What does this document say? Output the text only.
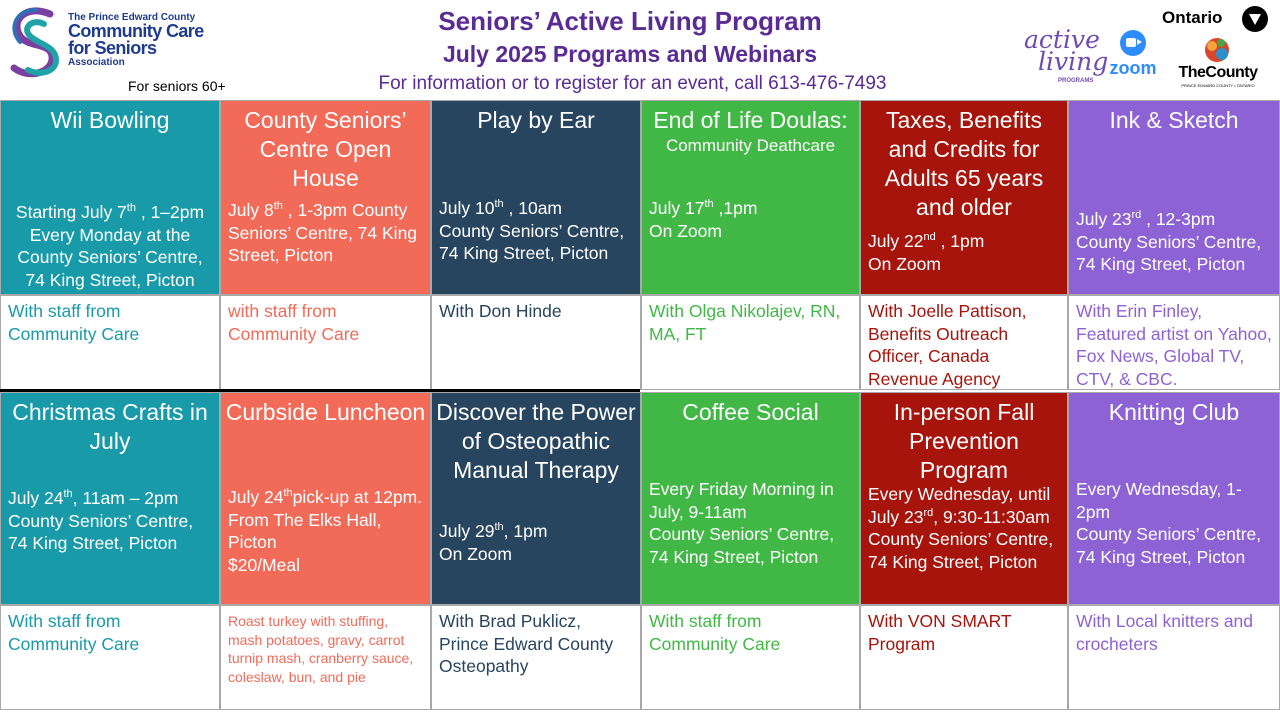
The Prince Edward County
Community Care
for Seniors
Association
For seniors 60+
Seniors’ Active Living Program
July 2025 Programs and Webinars
For information or to register for an event, call 613-476-7493
active
living
PROGRAMS
zoom
Ontario
TheCounty
PRINCE EDWARD COUNTY • ONTARIO
Wii Bowling
Starting July 7th , 1–2pm
Every Monday at the
County Seniors’ Centre,
74 King Street, Picton
County Seniors’ Centre Open House
July 8th , 1-3pm County Seniors’ Centre, 74 King Street, Picton
Play by Ear
July 10th , 10am
County Seniors’ Centre, 74 King Street, Picton
End of Life Doulas:
Community Deathcare
July 17th ,1pm
On Zoom
Taxes, Benefits and Credits for Adults 65 years and older
July 22nd , 1pm
On Zoom
Ink & Sketch
July 23rd , 12-3pm
County Seniors’ Centre, 74 King Street, Picton
With staff from Community Care
with staff from Community Care
With Don Hinde	With Olga Nikolajev, RN, MA, FT
With Joelle Pattison, Benefits Outreach Officer, Canada Revenue Agency
With Erin Finley, Featured artist on Yahoo, Fox News, Global TV, CTV, & CBC.
Christmas Crafts in July
July 24th, 11am – 2pm
County Seniors’ Centre, 74 King Street, Picton
Curbside Luncheon
July 24thpick-up at 12pm. From The Elks Hall, Picton
$20/Meal
Discover the Power of Osteopathic Manual Therapy
July 29th, 1pm
On Zoom
Coffee Social
Every Friday Morning in July, 9-11am
County Seniors’ Centre, 74 King Street, Picton
In-person Fall Prevention Program
Every Wednesday, until July 23rd, 9:30-11:30am County Seniors’ Centre, 74 King Street, Picton
Knitting Club
Every Wednesday, 1-2pm
County Seniors’ Centre, 74 King Street, Picton
With staff from Community Care
Roast turkey with stuffing, mash potatoes, gravy, carrot turnip mash, cranberry sauce, coleslaw, bun, and pie
With Brad Puklicz, Prince Edward County Osteopathy
With staff from Community Care
With VON SMART Program
With Local knitters and crocheters
